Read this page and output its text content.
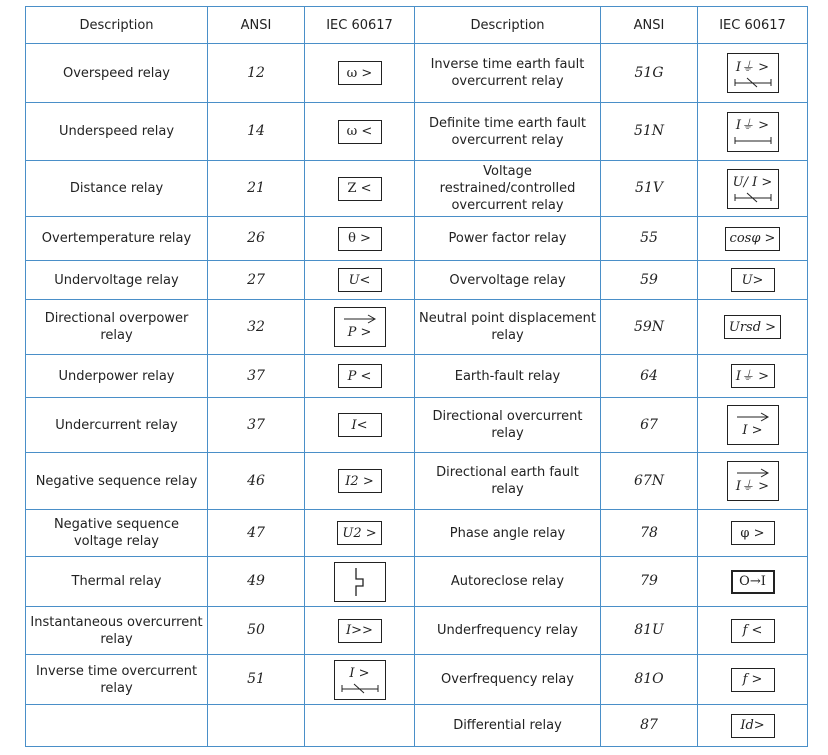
Description	ANSI	IEC 60617	Description	ANSI	IEC 60617
Overspeed relay	12	ω >	Inverse time earth fault overcurrent relay	51G	I⏚ >

Underspeed relay	14	ω <	Definite time earth fault overcurrent relay	51N	I⏚ >

Distance relay	21	Z <	Voltage restrained/controlled overcurrent relay	51V	U/ I >

Overtemperature relay	26	θ >	Power factor relay	55	cosφ >
Undervoltage relay	27	U<	Overvoltage relay	59	U>
Directional overpower relay	32	P >	Neutral point displacement relay	59N	Ursd >
Underpower relay	37	P <	Earth-fault relay	64	I⏚ >
Undercurrent relay	37	I<	Directional overcurrent relay	67	I >

Negative sequence relay	46	I2 >	Directional earth fault relay	67N	I⏚ >

Negative sequence voltage relay	47	U2 >	Phase angle relay	78	φ >
Thermal relay	49		Autoreclose relay	79	O→I
Instantaneous overcurrent relay	50	I>>	Underfrequency relay	81U	f <
Inverse time overcurrent relay	51	I >	Overfrequency relay	81O	f >
			Differential relay	87	Id>
